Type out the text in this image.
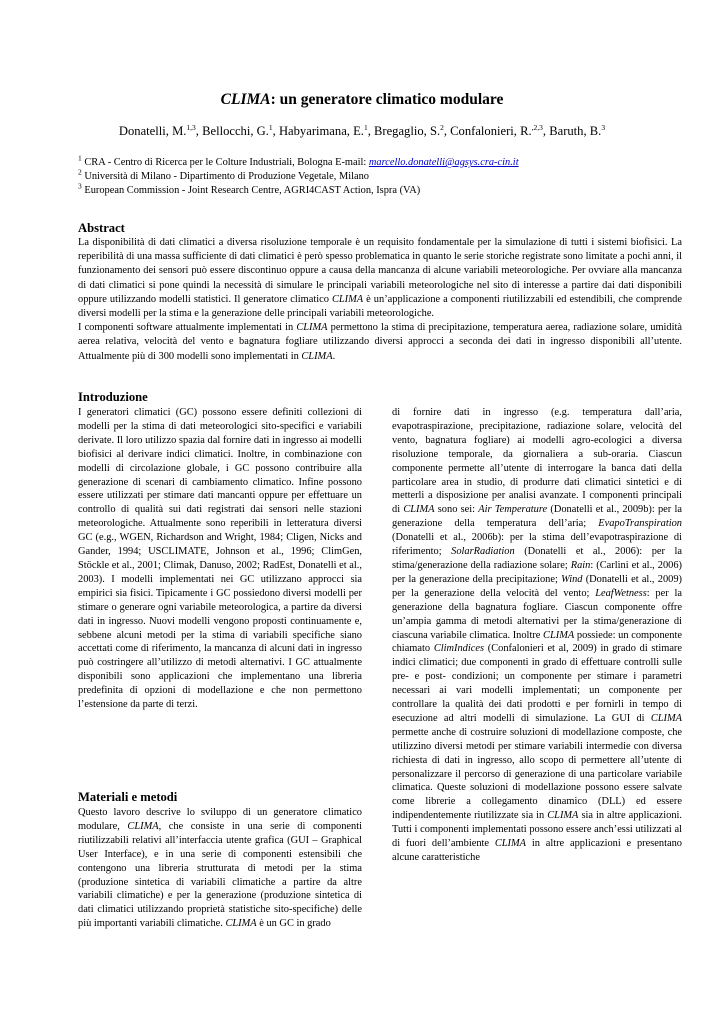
CLIMA: un generatore climatico modulare
Donatelli, M.$^{1,3}$, Bellocchi, G.$^1$, Habyarimana, E.$^1$, Bregaglio, S.$^2$, Confalonieri, R.$^{,2,3}$, Baruth, B.$^3$
$^1$ CRA - Centro di Ricerca per le Colture Industriali, Bologna E-mail: marcello.donatelli@agsys.cra-cin.it
$^2$ Università di Milano - Dipartimento di Produzione Vegetale, Milano
$^3$ European Commission - Joint Research Centre, AGRI4CAST Action, Ispra (VA)
Abstract

La disponibilità di dati climatici a diversa risoluzione temporale è un requisito fondamentale per la simulazione di tutti i sistemi biofisici. La reperibilità di una massa sufficiente di dati climatici è però spesso problematica in quanto le serie storiche registrate sono limitate a pochi anni, il funzionamento dei sensori può essere discontinuo oppure a causa della mancanza di alcune variabili meteorologiche. Per ovviare alla mancanza di dati climatici si pone quindi la necessità di simulare le principali variabili meteorologiche nel sito di interesse a partire dai dati disponibili oppure utilizzando modelli statistici. Il generatore climatico CLIMA è un’applicazione a componenti riutilizzabili ed estendibili, che comprende diversi modelli per la stima e la generazione delle principali variabili meteorologiche.

I componenti software attualmente implementati in CLIMA permettono la stima di precipitazione, temperatura aerea, radiazione solare, umidità aerea relativa, velocità del vento e bagnatura fogliare utilizzando diversi approcci a seconda dei dati in ingresso disponibili all’utente. Attualmente più di 300 modelli sono implementati in CLIMA.

Introduzione

I generatori climatici (GC) possono essere definiti collezioni di modelli per la stima di dati meteorologici sito-specifici e variabili derivate. Il loro utilizzo spazia dal fornire dati in ingresso ai modelli biofisici al derivare indici climatici. Inoltre, in combinazione con modelli di circolazione globale, i GC possono contribuire alla generazione di scenari di cambiamento climatico. Infine possono essere utilizzati per stimare dati mancanti oppure per effettuare un controllo di qualità sui dati registrati dai sensori nelle stazioni meteorologiche. Attualmente sono reperibili in letteratura diversi GC (e.g., WGEN, Richardson and Wright, 1984; Cligen, Nicks and Gander, 1994; USCLIMATE, Johnson et al., 1996; ClimGen, Stöckle et al., 2001; Climak, Danuso, 2002; RadEst, Donatelli et al., 2003). I modelli implementati nei GC utilizzano approcci sia empirici sia fisici. Tipicamente i GC possiedono diversi modelli per stimare o generare ogni variabile meteorologica, a partire da diversi dati in ingresso. Nuovi modelli vengono proposti continuamente e, sebbene alcuni metodi per la stima di variabili specifiche siano accettati come di riferimento, la mancanza di alcuni dati in ingresso può costringere all’utilizzo di metodi alternativi. I GC attualmente disponibili sono applicazioni che implementano una libreria predefinita di opzioni di modellazione e che non permettono l’estensione da parte di terzi.

Materiali e metodi

Questo lavoro descrive lo sviluppo di un generatore climatico modulare, CLIMA, che consiste in una serie di componenti riutilizzabili relativi all’interfaccia utente grafica (GUI – Graphical User Interface), e in una serie di componenti estensibili che contengono una libreria strutturata di metodi per la stima (produzione sintetica di variabili climatiche a partire da altre variabili climatiche) e per la generazione (produzione sintetica di dati climatici utilizzando proprietà statistiche sito-specifiche) delle più importanti variabili climatiche. CLIMA è un GC in grado

di fornire dati in ingresso (e.g. temperatura dall’aria, evapotraspirazione, precipitazione, radiazione solare, velocità del vento, bagnatura fogliare) ai modelli agro-ecologici a diversa risoluzione temporale, da giornaliera a sub-oraria. Ciascun componente permette all’utente di interrogare la banca dati della particolare area in studio, di produrre dati climatici sintetici e di metterli a disposizione per analisi avanzate. I componenti principali di CLIMA sono sei: Air Temperature (Donatelli et al., 2009b): per la generazione della temperatura dell’aria; EvapoTranspiration (Donatelli et al., 2006b): per la stima dell’evapotraspirazione di riferimento; SolarRadiation (Donatelli et al., 2006): per la stima/generazione della radiazione solare; Rain: (Carlini et al., 2006) per la generazione della precipitazione; Wind (Donatelli et al., 2009) per la generazione della velocità del vento; LeafWetness: per la generazione della bagnatura fogliare. Ciascun componente offre un’ampia gamma di metodi alternativi per la stima/generazione di ciascuna variabile climatica. Inoltre CLIMA possiede: un componente chiamato ClimIndices (Confalonieri et al, 2009) in grado di stimare indici climatici; due componenti in grado di effettuare controlli sulle pre- e post- condizioni; un componente per stimare i parametri necessari ai vari modelli implementati; un componente per controllare la qualità dei dati prodotti e per fornirli in tempo di esecuzione ad altri modelli di simulazione. La GUI di CLIMA permette anche di costruire soluzioni di modellazione composte, che utilizzino diversi metodi per stimare variabili intermedie con diversa richiesta di dati in ingresso, allo scopo di permettere all’utente di personalizzare il percorso di generazione di una particolare variabile climatica. Queste soluzioni di modellazione possono essere salvate come librerie a collegamento dinamico (DLL) ed essere indipendentemente riutilizzate sia in CLIMA sia in altre applicazioni. Tutti i componenti implementati possono essere anch’essi utilizzati al di fuori dell’ambiente CLIMA in altre applicazioni e presentano alcune caratteristiche
